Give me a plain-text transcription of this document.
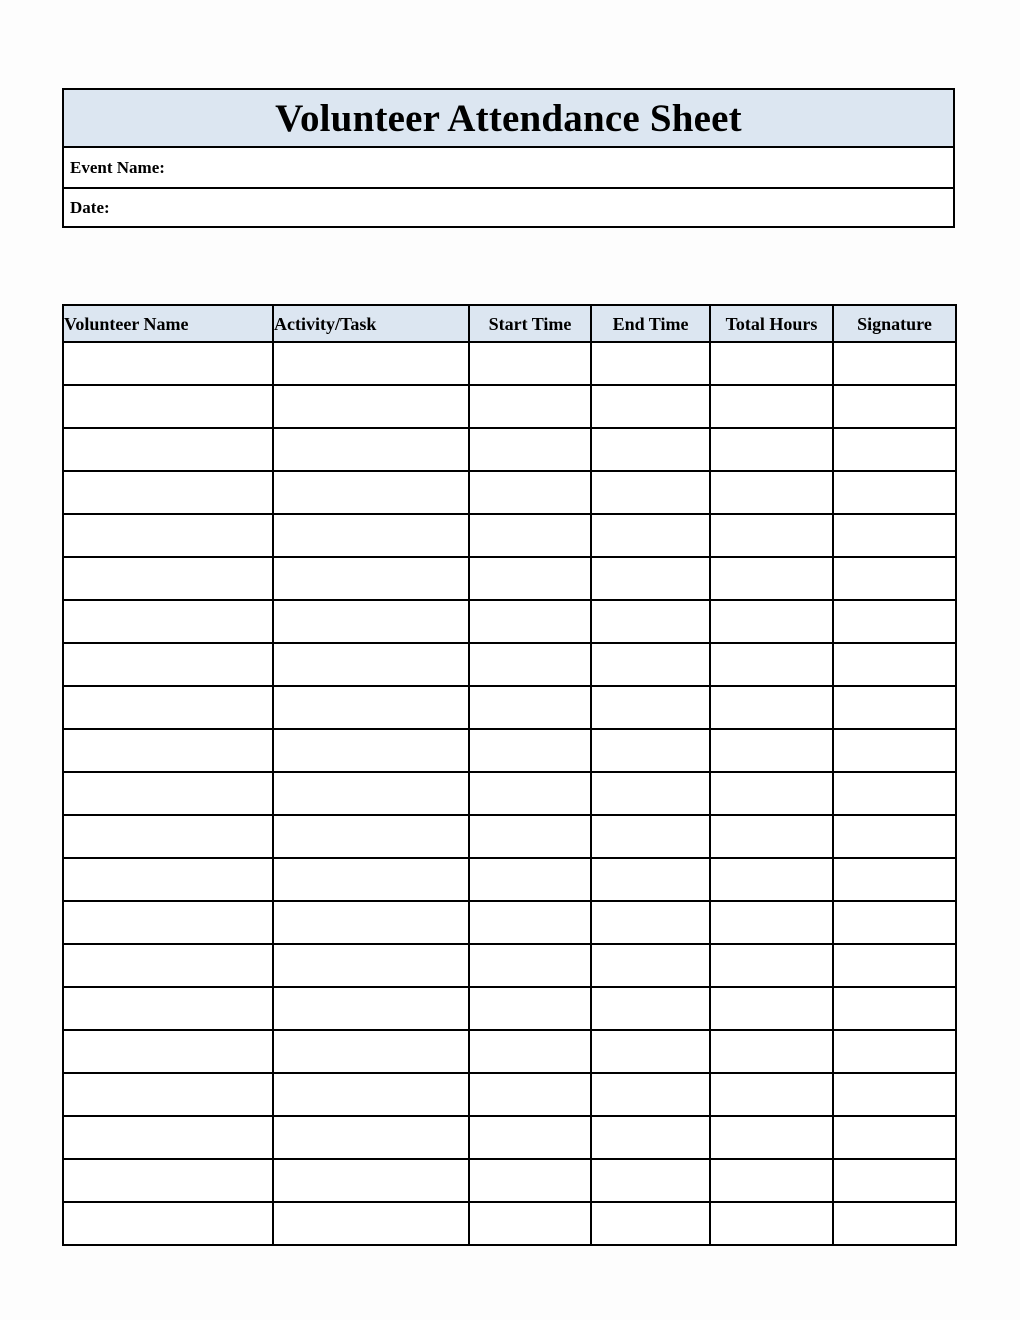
Volunteer Attendance Sheet
Event Name:
Date:
Volunteer Name	Activity/Task	Start Time	End Time	Total Hours	Signature
